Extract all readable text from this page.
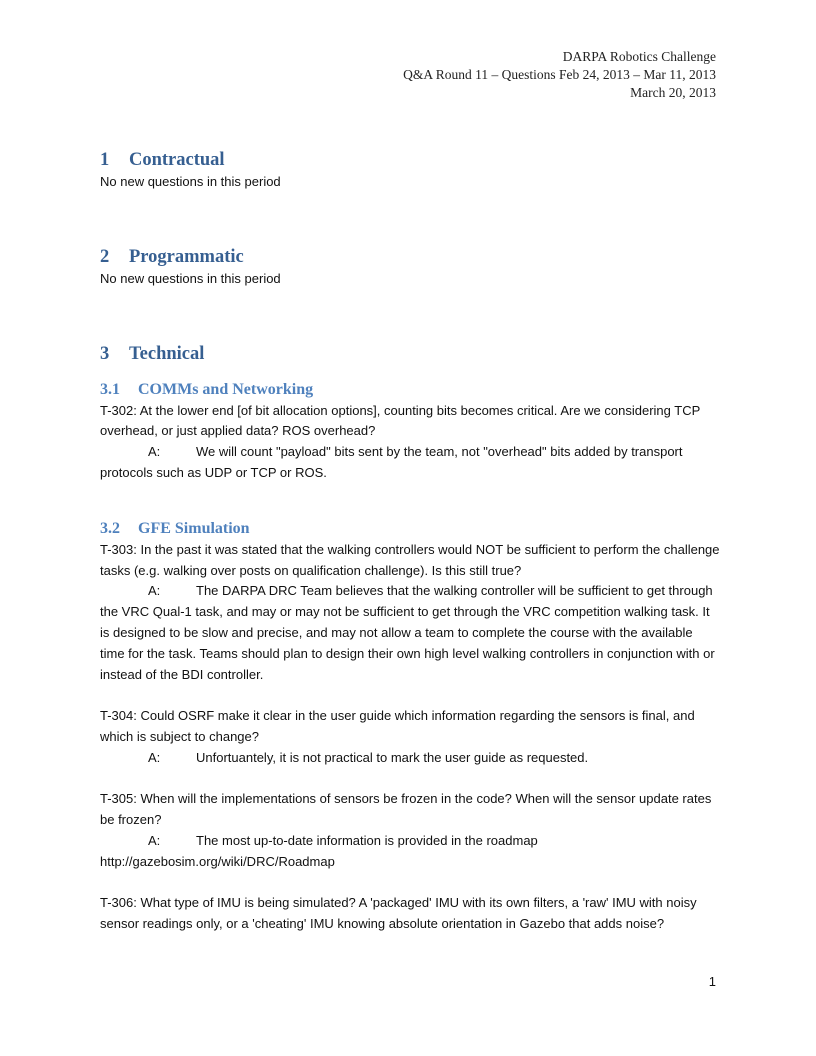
DARPA Robotics Challenge
Q&A Round 11 – Questions Feb 24, 2013 – Mar 11, 2013
March 20, 2013
1 Contractual

No new questions in this period

2 Programmatic

No new questions in this period

3 Technical
3.1 COMMs and Networking

T-302: At the lower end [of bit allocation options], counting bits becomes critical. Are we considering TCP overhead, or just applied data? ROS overhead?

A:	We will count "payload" bits sent by the team, not "overhead" bits added by transport protocols such as UDP or TCP or ROS.

3.2 GFE Simulation

T-303: In the past it was stated that the walking controllers would NOT be sufficient to perform the challenge tasks (e.g. walking over posts on qualification challenge). Is this still true?

A:	The DARPA DRC Team believes that the walking controller will be sufficient to get through the VRC Qual-1 task, and may or may not be sufficient to get through the VRC competition walking task. It is designed to be slow and precise, and may not allow a team to complete the course with the available time for the task. Teams should plan to design their own high level walking controllers in conjunction with or instead of the BDI controller.

T-304: Could OSRF make it clear in the user guide which information regarding the sensors is final, and which is subject to change?

A:	Unfortuantely, it is not practical to mark the user guide as requested.

T-305: When will the implementations of sensors be frozen in the code? When will the sensor update rates be frozen?

A:	The most up-to-date information is provided in the roadmap http://gazebosim.org/wiki/DRC/Roadmap

T-306: What type of IMU is being simulated? A 'packaged' IMU with its own filters, a 'raw' IMU with noisy sensor readings only, or a 'cheating' IMU knowing absolute orientation in Gazebo that adds noise?

1
